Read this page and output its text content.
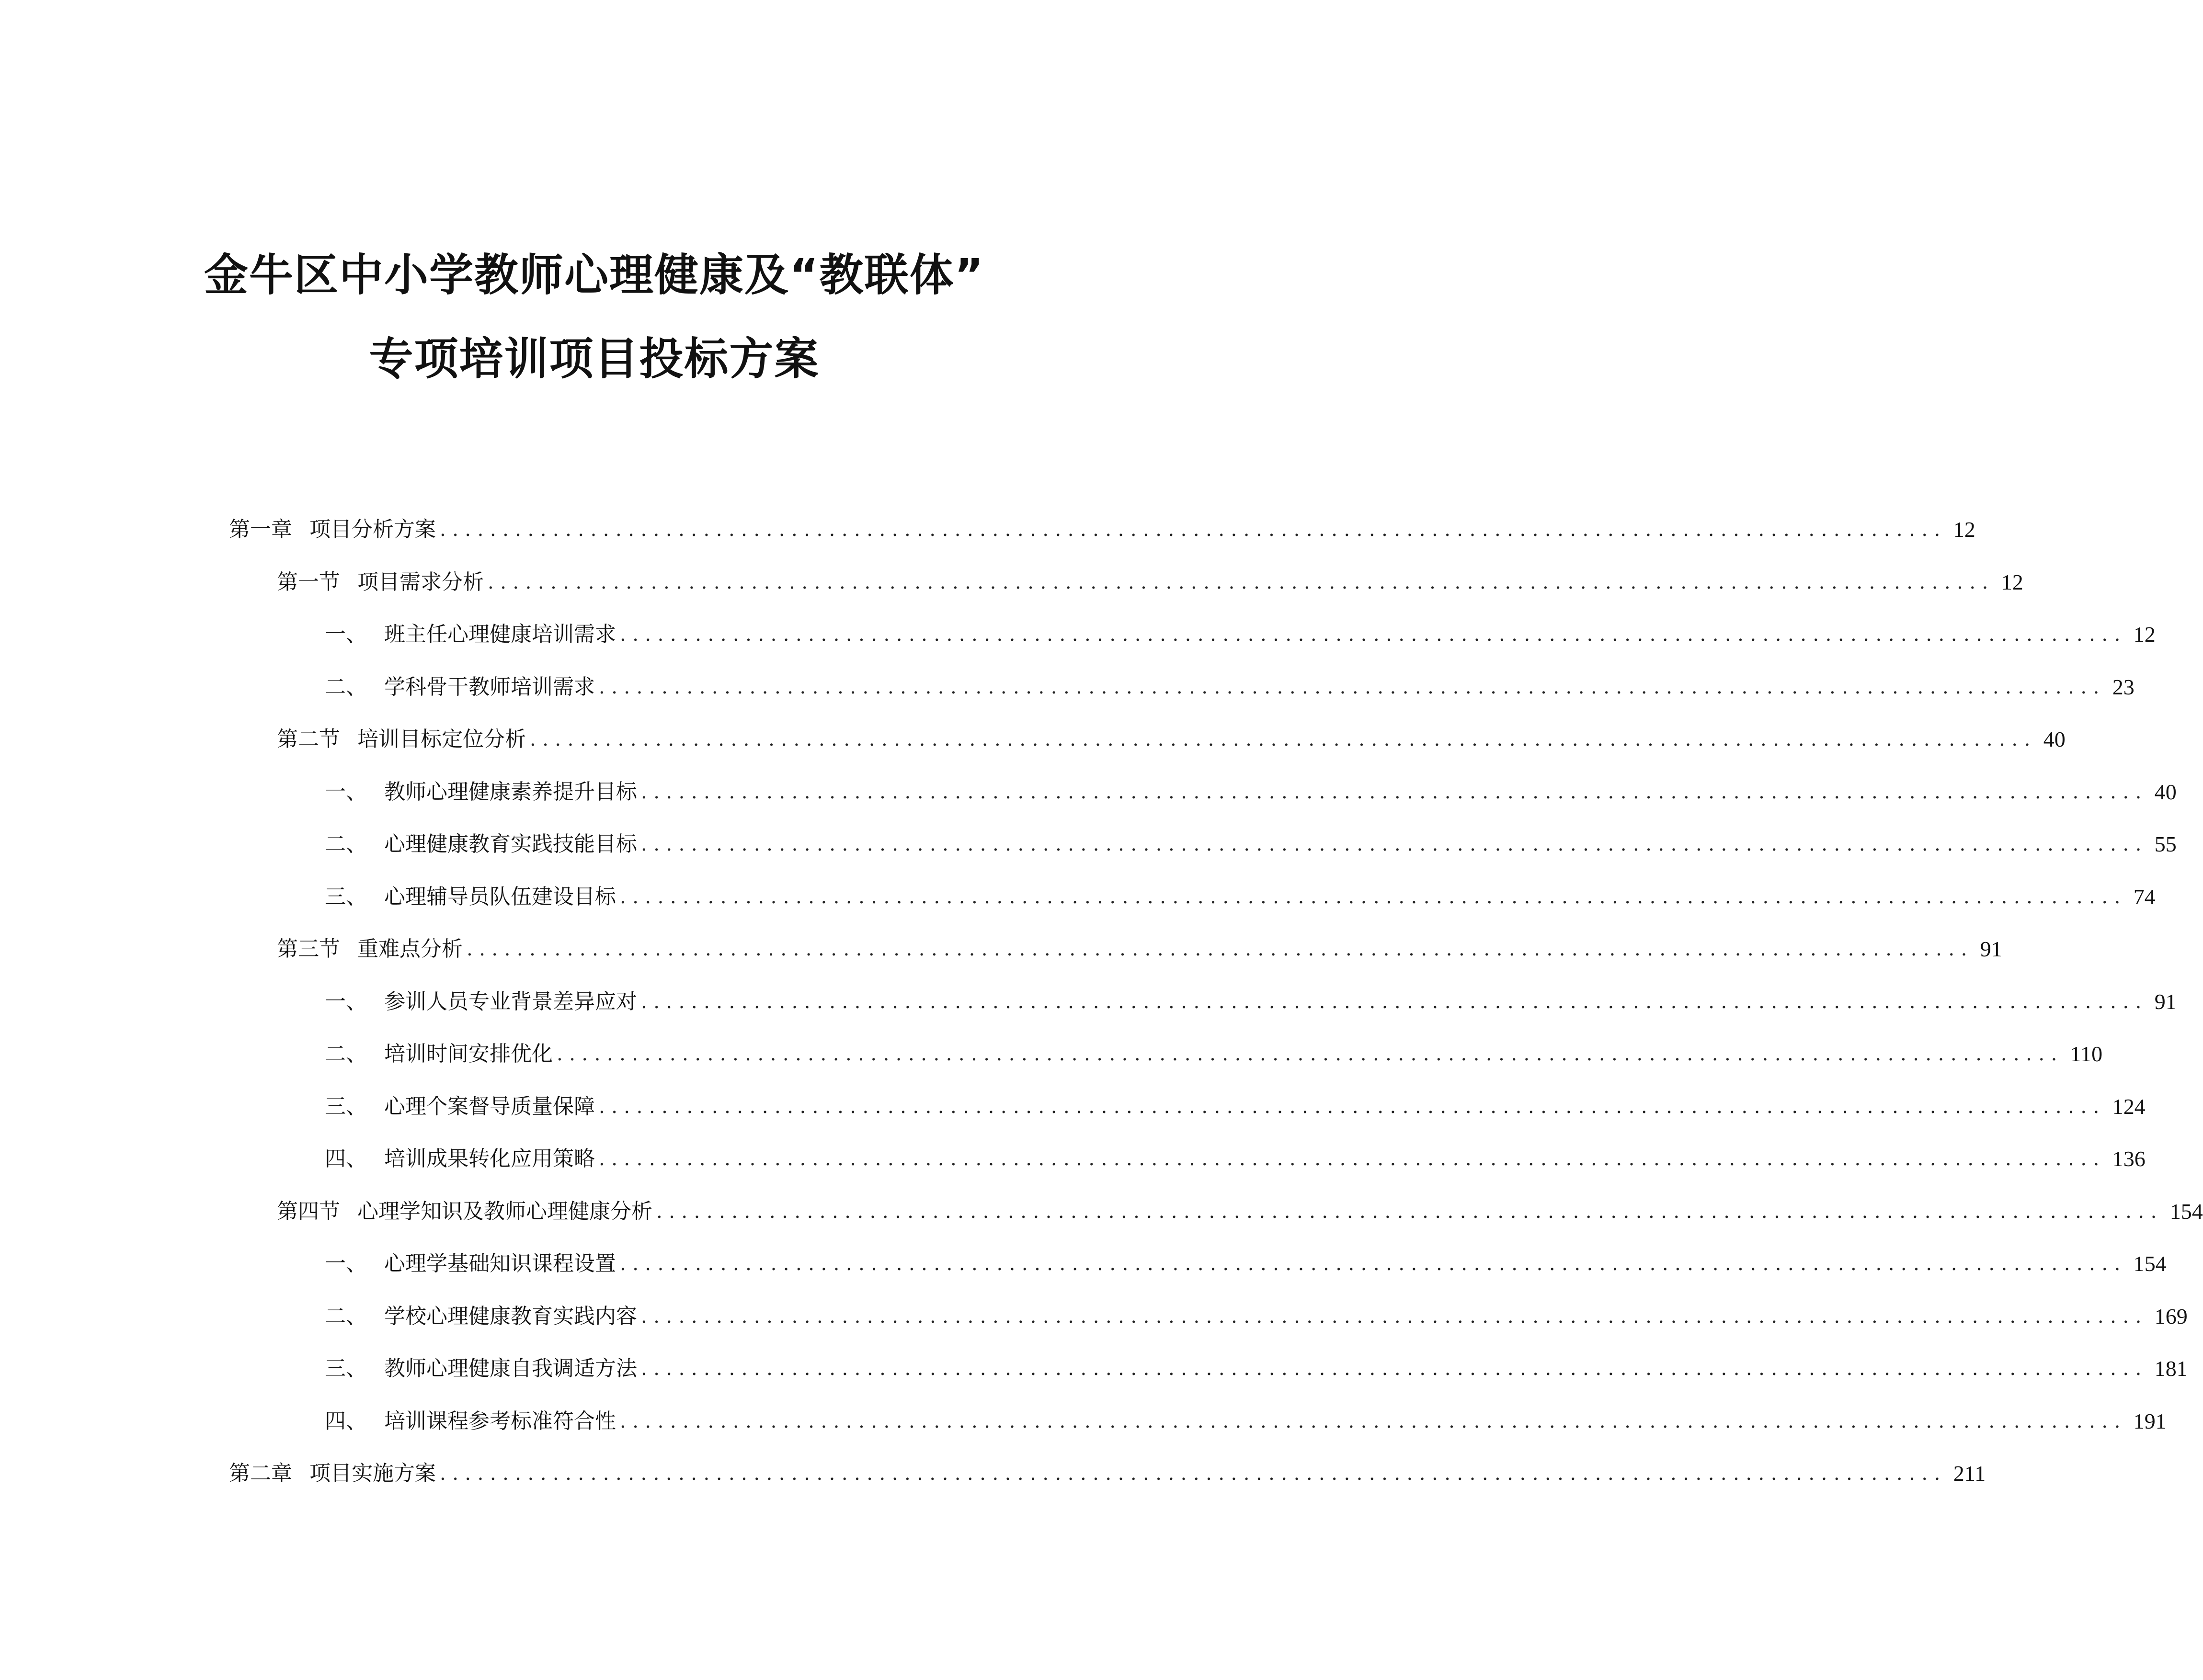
金牛区中小学教师心理健康及“教联体”
专项培训项目投标方案
第一章 项目分析方案 ........................................................................................................................ 12
第一节 项目需求分析 ........................................................................................................................ 12
一、 班主任心理健康培训需求 ........................................................................................................................ 12
二、 学科骨干教师培训需求 ........................................................................................................................ 23
第二节 培训目标定位分析 ........................................................................................................................ 40
一、 教师心理健康素养提升目标 ........................................................................................................................ 40
二、 心理健康教育实践技能目标 ........................................................................................................................ 55
三、 心理辅导员队伍建设目标 ........................................................................................................................ 74
第三节 重难点分析 ........................................................................................................................ 91
一、 参训人员专业背景差异应对 ........................................................................................................................ 91
二、 培训时间安排优化 ........................................................................................................................ 110
三、 心理个案督导质量保障 ........................................................................................................................ 124
四、 培训成果转化应用策略 ........................................................................................................................ 136
第四节 心理学知识及教师心理健康分析 ........................................................................................................................ 154
一、 心理学基础知识课程设置 ........................................................................................................................ 154
二、 学校心理健康教育实践内容 ........................................................................................................................ 169
三、 教师心理健康自我调适方法 ........................................................................................................................ 181
四、 培训课程参考标准符合性 ........................................................................................................................ 191
第二章 项目实施方案 ........................................................................................................................ 211
